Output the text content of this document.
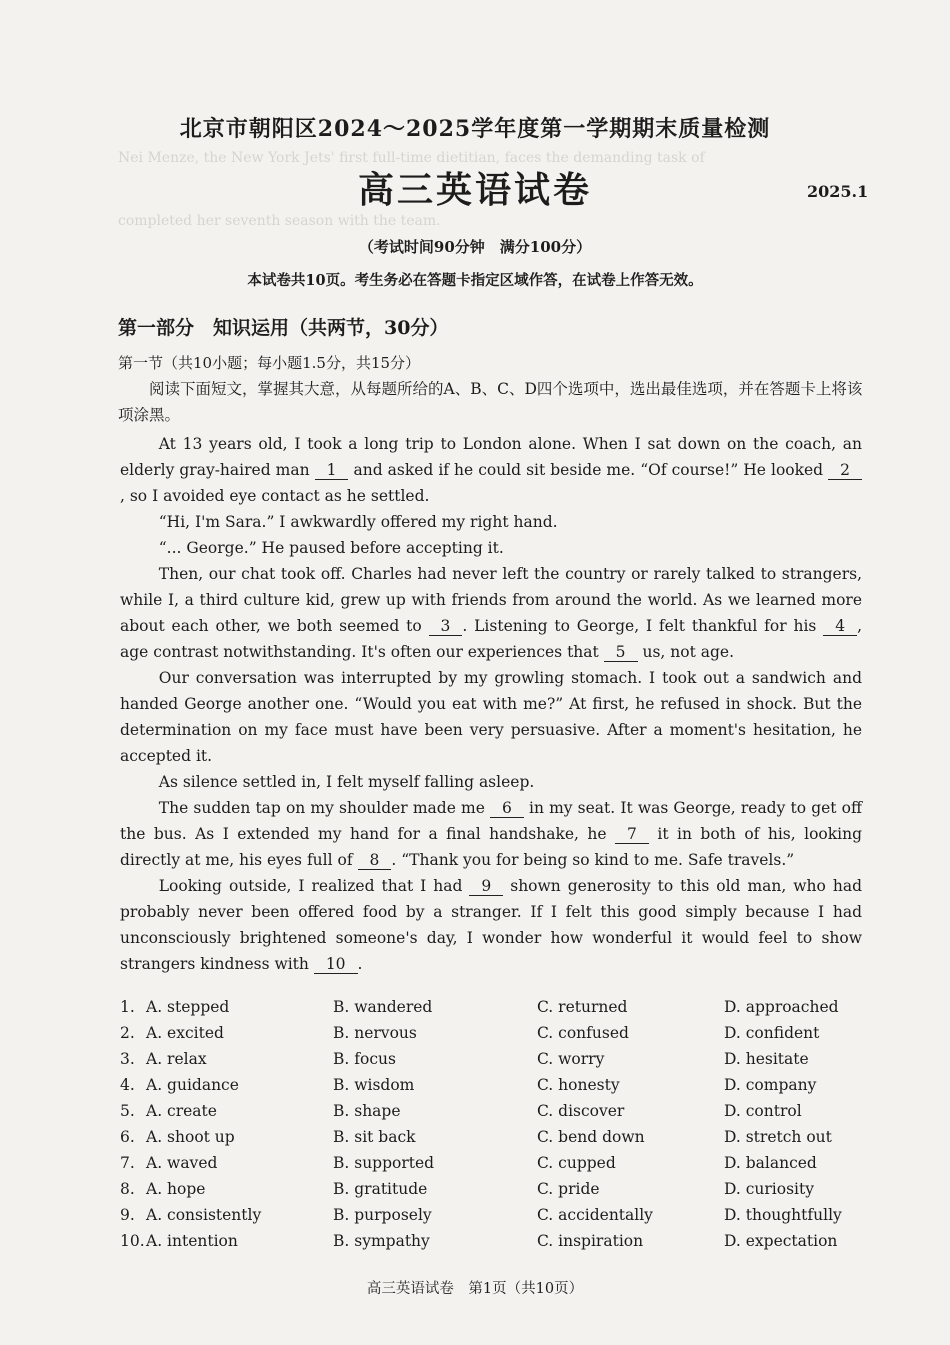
Nei Menze, the New York Jets' first full-time dietitian, faces the demanding task of
completed her seventh season with the team.
北京市朝阳区2024～2025学年度第一学期期末质量检测
高三英语试卷	2025.1
（考试时间90分钟　满分100分）
本试卷共10页。考生务必在答题卡指定区域作答，在试卷上作答无效。
第一部分　知识运用（共两节，30分）
第一节（共10小题；每小题1.5分，共15分）
阅读下面短文，掌握其大意，从每题所给的A、B、C、D四个选项中，选出最佳选项，并在答题卡上将该项涂黑。

At 13 years old, I took a long trip to London alone. When I sat down on the coach, an elderly gray-haired man 1 and asked if he could sit beside me. “Of course!” He looked 2, so I avoided eye contact as he settled.

“Hi, I'm Sara.” I awkwardly offered my right hand.

“... George.” He paused before accepting it.

Then, our chat took off. Charles had never left the country or rarely talked to strangers, while I, a third culture kid, grew up with friends from around the world. As we learned more about each other, we both seemed to 3 . Listening to George, I felt thankful for his 4 , age contrast notwithstanding. It's often our experiences that 5 us, not age.

Our conversation was interrupted by my growling stomach. I took out a sandwich and handed George another one. “Would you eat with me?” At first, he refused in shock. But the determination on my face must have been very persuasive. After a moment's hesitation, he accepted it.

As silence settled in, I felt myself falling asleep.

The sudden tap on my shoulder made me 6 in my seat. It was George, ready to get off the bus. As I extended my hand for a final handshake, he 7 it in both of his, looking directly at me, his eyes full of 8 . “Thank you for being so kind to me. Safe travels.”

Looking outside, I realized that I had 9 shown generosity to this old man, who had probably never been offered food by a stranger. If I felt this good simply because I had unconsciously brightened someone's day, I wonder how wonderful it would feel to show strangers kindness with 10 .

1. A. stepped	B. wandered	C. returned	D. approached
2. A. excited	B. nervous	C. confused	D. confident
3. A. relax	B. focus	C. worry	D. hesitate
4. A. guidance	B. wisdom	C. honesty	D. company
5. A. create	B. shape	C. discover	D. control
6. A. shoot up	B. sit back	C. bend down	D. stretch out
7. A. waved	B. supported	C. cupped	D. balanced
8. A. hope	B. gratitude	C. pride	D. curiosity
9. A. consistently	B. purposely	C. accidentally	D. thoughtfully
10. A. intention	B. sympathy	C. inspiration	D. expectation
高三英语试卷　第1页（共10页）
